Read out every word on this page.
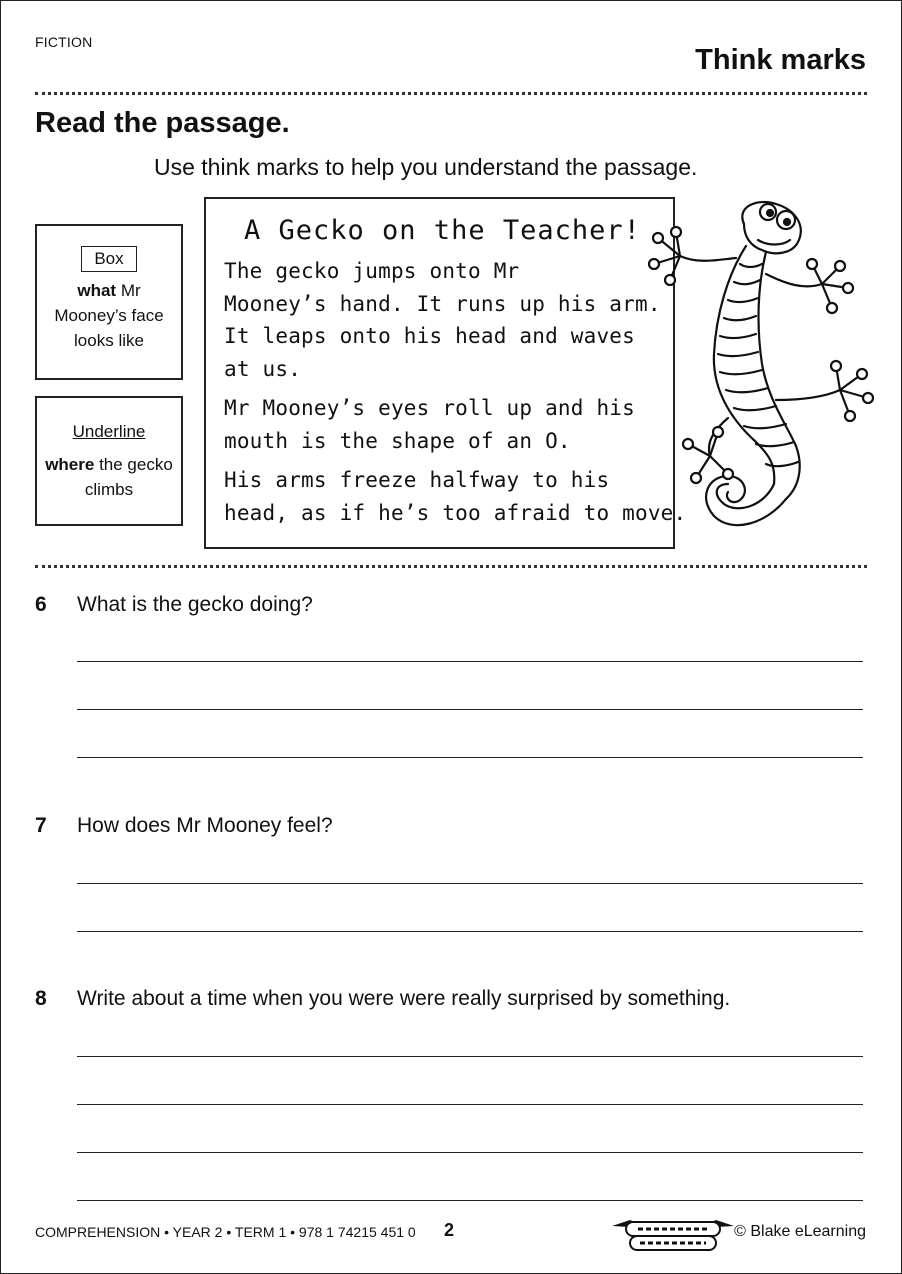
FICTION
Think marks
Read the passage.
Use think marks to help you understand the passage.
Box
what Mr Mooney’s face looks like
Underline
where the gecko climbs
A Gecko on the Teacher!
The gecko jumps onto Mr
Mooney’s hand. It runs up his arm.
It leaps onto his head and waves
at us.
Mr Mooney’s eyes roll up and his
mouth is the shape of an O.
His arms freeze halfway to his
head, as if he’s too afraid to move.
6 What is the gecko doing?
7 How does Mr Mooney feel?
8 Write about a time when you were were really surprised by something.
COMPREHENSION • YEAR 2 • TERM 1 • 978 1 74215 451 0 2	© Blake eLearning
